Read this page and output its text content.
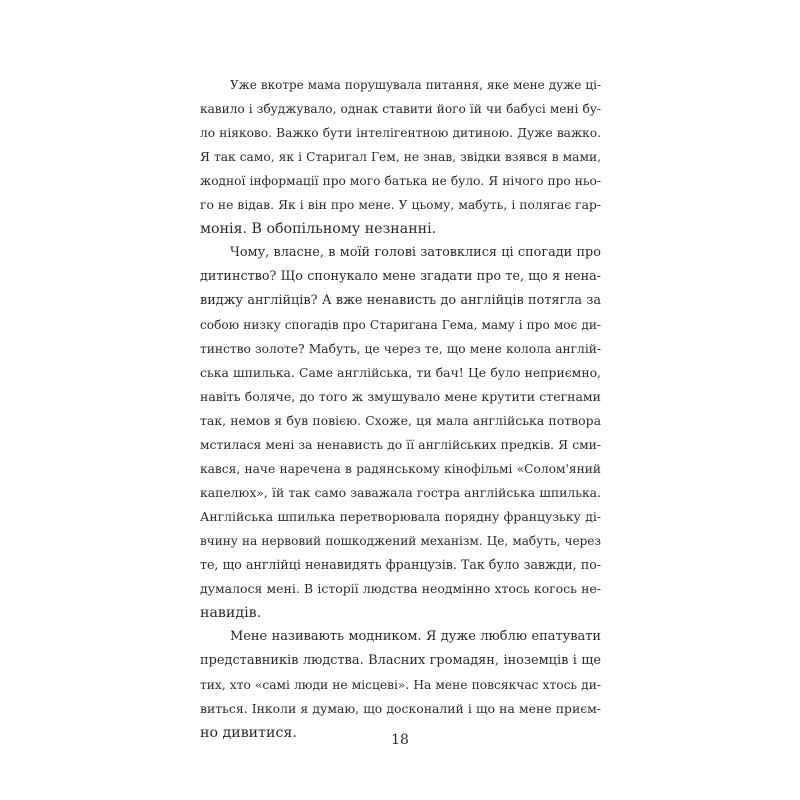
Уже вкотре мама порушувала питання, яке мене дуже ці-
кавило і збуджувало, однак ставити його їй чи бабусі мені бу-
ло ніяково. Важко бути інтелігентною дитиною. Дуже важко.
Я так само, як і Старигал Гем, не знав, звідки взявся в мами,
жодної інформації про мого батька не було. Я нічого про ньо-
го не відав. Як і він про мене. У цьому, мабуть, і полягає гар-
монія. В обопільному незнанні.
Чому, власне, в моїй голові затовклися ці спогади про
дитинство? Що спонукало мене згадати про те, що я нена-
виджу англійців? А вже ненависть до англійців потягла за
собою низку спогадів про Старигана Гема, маму і про моє ди-
тинство золоте? Мабуть, це через те, що мене колола англій-
ська шпилька. Саме англійська, ти бач! Це було неприємно,
навіть боляче, до того ж змушувало мене крутити стегнами
так, немов я був повією. Схоже, ця мала англійська потвора
мстилася мені за ненависть до її англійських предків. Я сми-
кався, наче наречена в радянському кінофільмі «Солом'яний
капелюх», їй так само заважала гостра англійська шпилька.
Англійська шпилька перетворювала порядну французьку ді-
вчину на нервовий пошкоджений механізм. Це, мабуть, через
те, що англійці ненавидять французів. Так було завжди, по-
думалося мені. В історії людства неодмінно хтось когось не-
навидів.
Мене називають модником. Я дуже люблю епатувати
представників людства. Власних громадян, іноземців і ще
тих, хто «самі люди не місцеві». На мене повсякчас хтось ди-
виться. Інколи я думаю, що досконалий і що на мене приєм-
но дивитися.	18
